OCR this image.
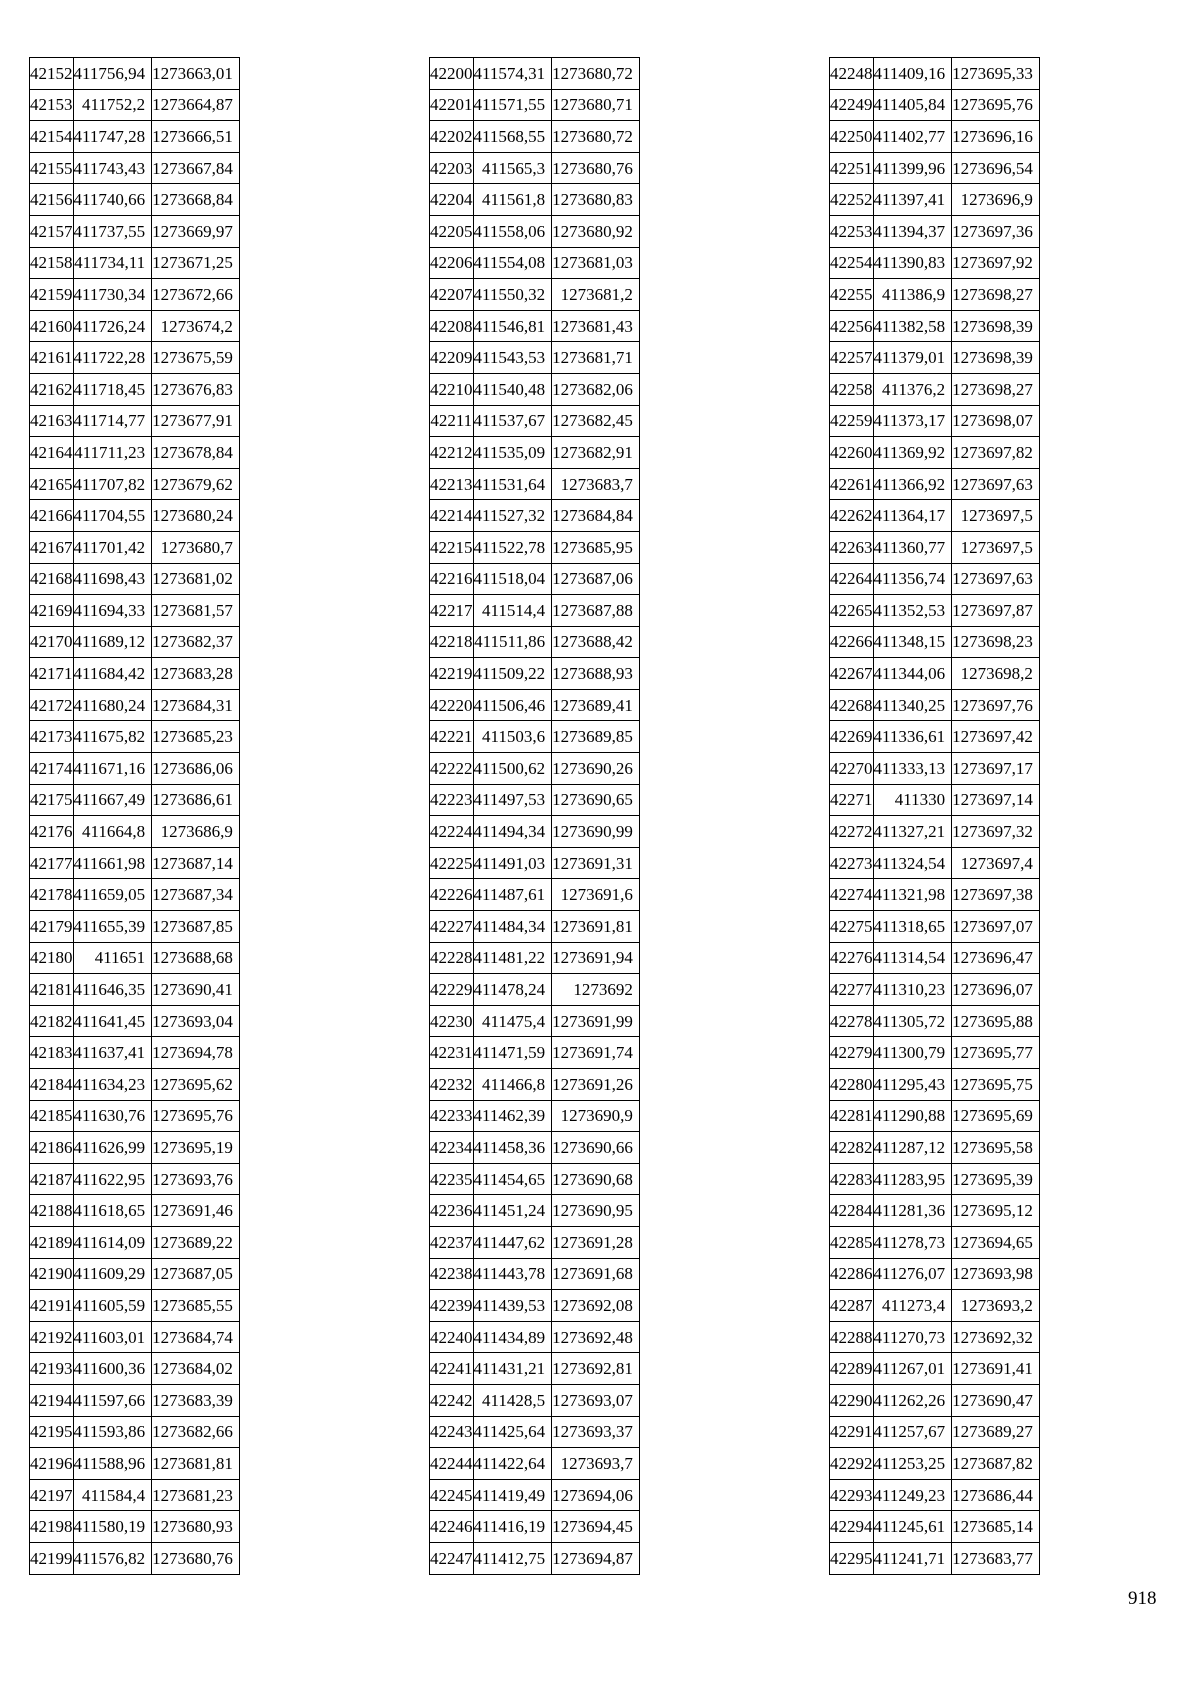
42152	411756,94	1273663,01
42153	411752,2	1273664,87
42154	411747,28	1273666,51
42155	411743,43	1273667,84
42156	411740,66	1273668,84
42157	411737,55	1273669,97
42158	411734,11	1273671,25
42159	411730,34	1273672,66
42160	411726,24	1273674,2
42161	411722,28	1273675,59
42162	411718,45	1273676,83
42163	411714,77	1273677,91
42164	411711,23	1273678,84
42165	411707,82	1273679,62
42166	411704,55	1273680,24
42167	411701,42	1273680,7
42168	411698,43	1273681,02
42169	411694,33	1273681,57
42170	411689,12	1273682,37
42171	411684,42	1273683,28
42172	411680,24	1273684,31
42173	411675,82	1273685,23
42174	411671,16	1273686,06
42175	411667,49	1273686,61
42176	411664,8	1273686,9
42177	411661,98	1273687,14
42178	411659,05	1273687,34
42179	411655,39	1273687,85
42180	411651	1273688,68
42181	411646,35	1273690,41
42182	411641,45	1273693,04
42183	411637,41	1273694,78
42184	411634,23	1273695,62
42185	411630,76	1273695,76
42186	411626,99	1273695,19
42187	411622,95	1273693,76
42188	411618,65	1273691,46
42189	411614,09	1273689,22
42190	411609,29	1273687,05
42191	411605,59	1273685,55
42192	411603,01	1273684,74
42193	411600,36	1273684,02
42194	411597,66	1273683,39
42195	411593,86	1273682,66
42196	411588,96	1273681,81
42197	411584,4	1273681,23
42198	411580,19	1273680,93
42199	411576,82	1273680,76
42200	411574,31	1273680,72
42201	411571,55	1273680,71
42202	411568,55	1273680,72
42203	411565,3	1273680,76
42204	411561,8	1273680,83
42205	411558,06	1273680,92
42206	411554,08	1273681,03
42207	411550,32	1273681,2
42208	411546,81	1273681,43
42209	411543,53	1273681,71
42210	411540,48	1273682,06
42211	411537,67	1273682,45
42212	411535,09	1273682,91
42213	411531,64	1273683,7
42214	411527,32	1273684,84
42215	411522,78	1273685,95
42216	411518,04	1273687,06
42217	411514,4	1273687,88
42218	411511,86	1273688,42
42219	411509,22	1273688,93
42220	411506,46	1273689,41
42221	411503,6	1273689,85
42222	411500,62	1273690,26
42223	411497,53	1273690,65
42224	411494,34	1273690,99
42225	411491,03	1273691,31
42226	411487,61	1273691,6
42227	411484,34	1273691,81
42228	411481,22	1273691,94
42229	411478,24	1273692
42230	411475,4	1273691,99
42231	411471,59	1273691,74
42232	411466,8	1273691,26
42233	411462,39	1273690,9
42234	411458,36	1273690,66
42235	411454,65	1273690,68
42236	411451,24	1273690,95
42237	411447,62	1273691,28
42238	411443,78	1273691,68
42239	411439,53	1273692,08
42240	411434,89	1273692,48
42241	411431,21	1273692,81
42242	411428,5	1273693,07
42243	411425,64	1273693,37
42244	411422,64	1273693,7
42245	411419,49	1273694,06
42246	411416,19	1273694,45
42247	411412,75	1273694,87
42248	411409,16	1273695,33
42249	411405,84	1273695,76
42250	411402,77	1273696,16
42251	411399,96	1273696,54
42252	411397,41	1273696,9
42253	411394,37	1273697,36
42254	411390,83	1273697,92
42255	411386,9	1273698,27
42256	411382,58	1273698,39
42257	411379,01	1273698,39
42258	411376,2	1273698,27
42259	411373,17	1273698,07
42260	411369,92	1273697,82
42261	411366,92	1273697,63
42262	411364,17	1273697,5
42263	411360,77	1273697,5
42264	411356,74	1273697,63
42265	411352,53	1273697,87
42266	411348,15	1273698,23
42267	411344,06	1273698,2
42268	411340,25	1273697,76
42269	411336,61	1273697,42
42270	411333,13	1273697,17
42271	411330	1273697,14
42272	411327,21	1273697,32
42273	411324,54	1273697,4
42274	411321,98	1273697,38
42275	411318,65	1273697,07
42276	411314,54	1273696,47
42277	411310,23	1273696,07
42278	411305,72	1273695,88
42279	411300,79	1273695,77
42280	411295,43	1273695,75
42281	411290,88	1273695,69
42282	411287,12	1273695,58
42283	411283,95	1273695,39
42284	411281,36	1273695,12
42285	411278,73	1273694,65
42286	411276,07	1273693,98
42287	411273,4	1273693,2
42288	411270,73	1273692,32
42289	411267,01	1273691,41
42290	411262,26	1273690,47
42291	411257,67	1273689,27
42292	411253,25	1273687,82
42293	411249,23	1273686,44
42294	411245,61	1273685,14
42295	411241,71	1273683,77
918
